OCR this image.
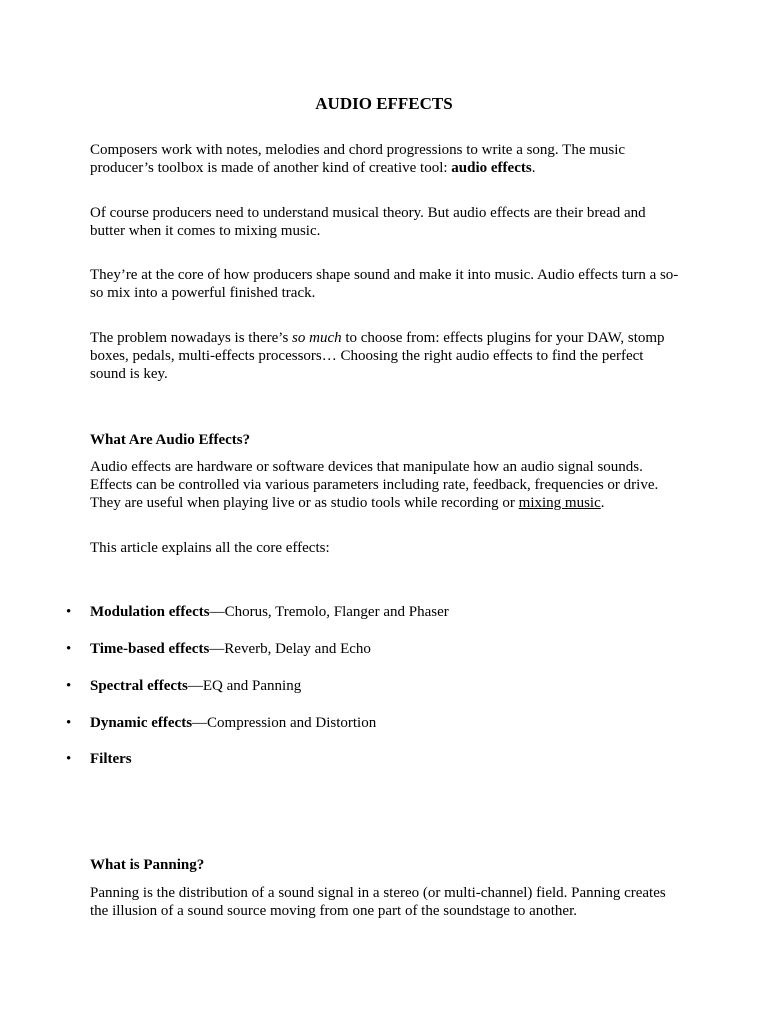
AUDIO EFFECTS

Composers work with notes, melodies and chord progressions to write a song. The music producer’s toolbox is made of another kind of creative tool: audio effects.

Of course producers need to understand musical theory. But audio effects are their bread and butter when it comes to mixing music.

They’re at the core of how producers shape sound and make it into music. Audio effects turn a so-so mix into a powerful finished track.

The problem nowadays is there’s so much to choose from: effects plugins for your DAW, stomp boxes, pedals, multi-effects processors… Choosing the right audio effects to find the perfect sound is key.

What Are Audio Effects?

Audio effects are hardware or software devices that manipulate how an audio signal sounds. Effects can be controlled via various parameters including rate, feedback, frequencies or drive. They are useful when playing live or as studio tools while recording or mixing music.

This article explains all the core effects:

• Modulation effects—Chorus, Tremolo, Flanger and Phaser
• Time-based effects—Reverb, Delay and Echo
• Spectral effects—EQ and Panning
• Dynamic effects—Compression and Distortion
• Filters
What is Panning?

Panning is the distribution of a sound signal in a stereo (or multi-channel) field. Panning creates the illusion of a sound source moving from one part of the soundstage to another.
